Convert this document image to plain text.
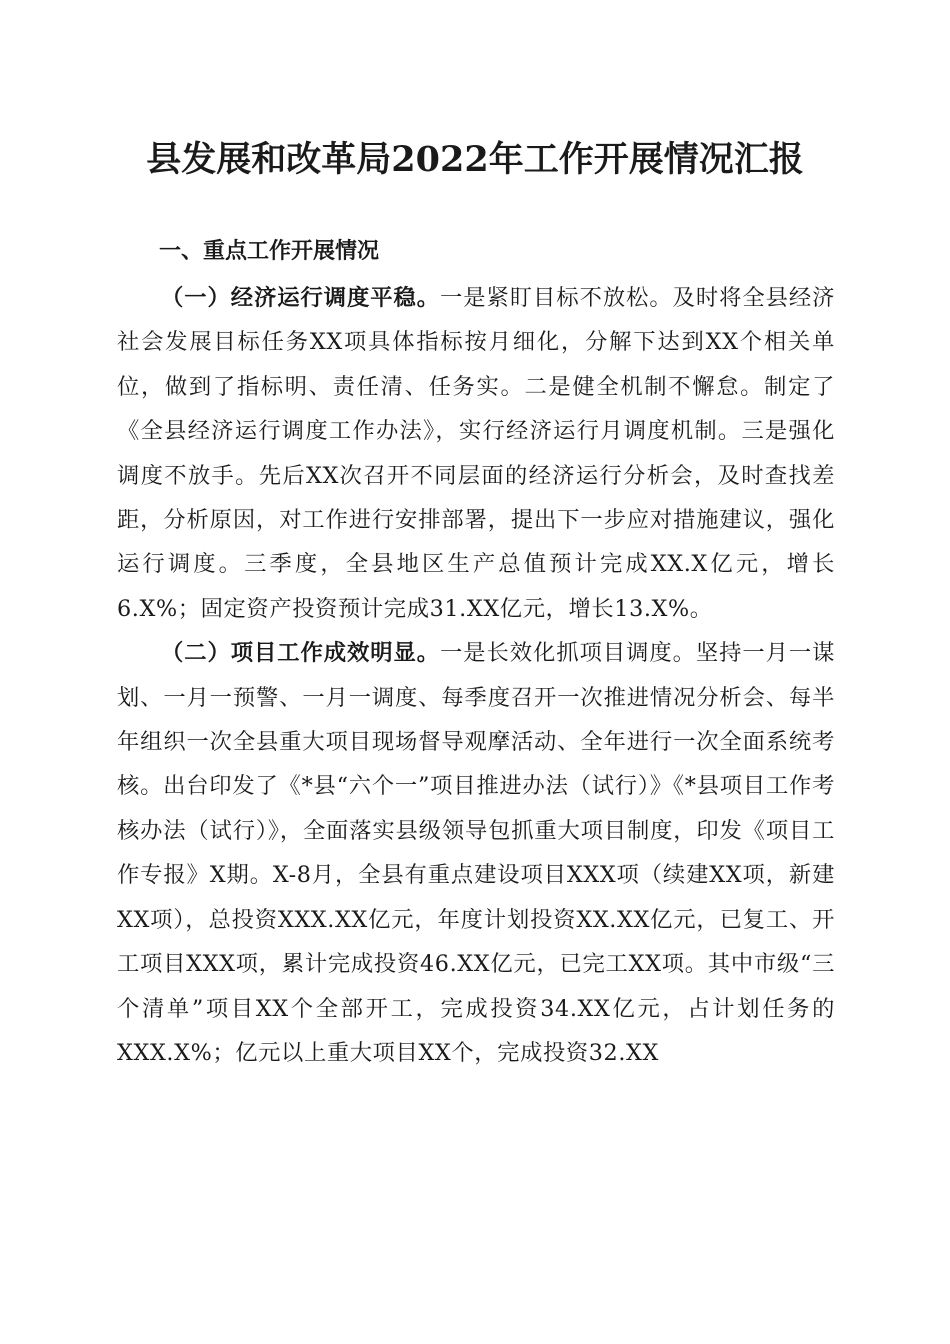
县发展和改革局2022年工作开展情况汇报
一、重点工作开展情况

（一）经济运行调度平稳。一是紧盯目标不放松。及时将全县经济社会发展目标任务XX项具体指标按月细化，分解下达到XX个相关单位，做到了指标明、责任清、任务实。二是健全机制不懈怠。制定了《全县经济运行调度工作办法》，实行经济运行月调度机制。三是强化调度不放手。先后XX次召开不同层面的经济运行分析会，及时查找差距，分析原因，对工作进行安排部署，提出下一步应对措施建议，强化运行调度。三季度，全县地区生产总值预计完成XX.X亿元，增长6.X%；固定资产投资预计完成31.XX亿元，增长13.X%。

（二）项目工作成效明显。一是长效化抓项目调度。坚持一月一谋划、一月一预警、一月一调度、每季度召开一次推进情况分析会、每半年组织一次全县重大项目现场督导观摩活动、全年进行一次全面系统考核。出台印发了《*县“六个一”项目推进办法（试行）》《*县项目工作考核办法（试行）》，全面落实县级领导包抓重大项目制度，印发《项目工作专报》X期。X-8月，全县有重点建设项目XXX项（续建XX项，新建XX项），总投资XXX.XX亿元，年度计划投资XX.XX亿元，已复工、开工项目XXX项，累计完成投资46.XX亿元，已完工XX项。其中市级“三个清单”项目XX个全部开工，完成投资34.XX亿元，占计划任务的XXX.X%；亿元以上重大项目XX个，完成投资32.XX
